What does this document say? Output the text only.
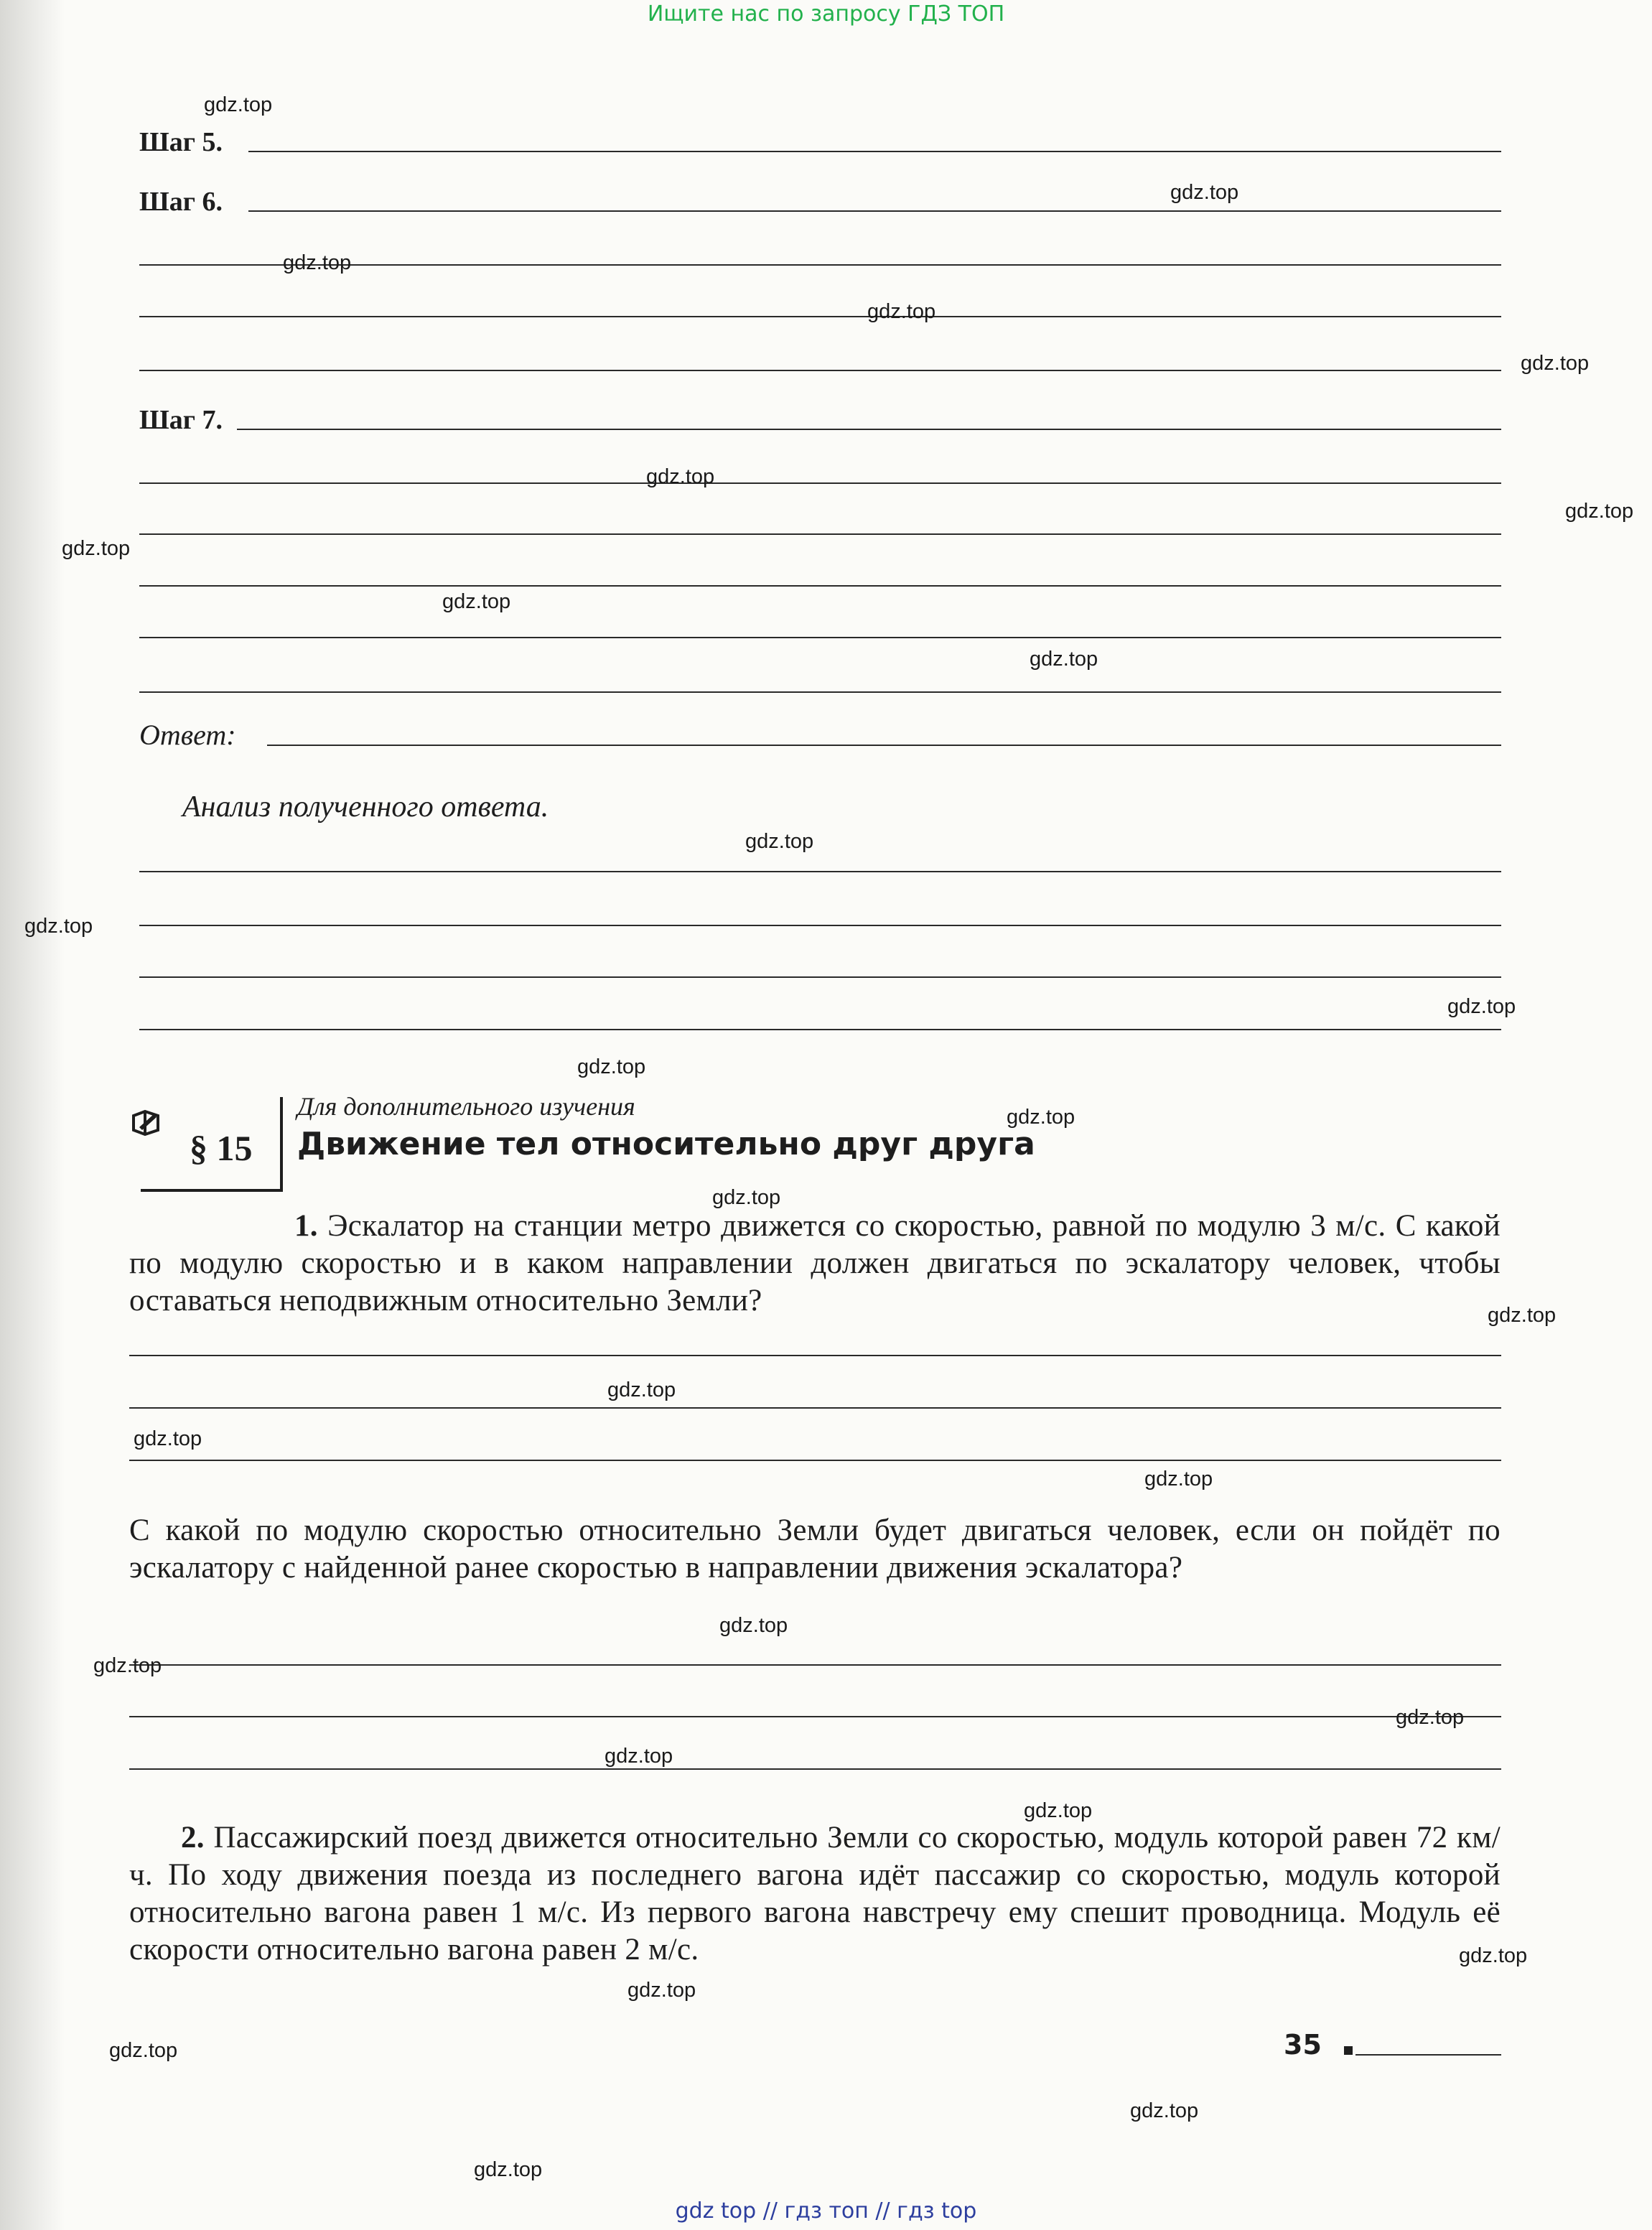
Ищите нас по запросу ГДЗ ТОП
Шаг 5.
Шаг 6.
Шаг 7.
Ответ:
Анализ полученного ответа.
§ 15
Для дополнительного изучения
Движение тел относительно друг друга
1. Эскалатор на станции метро движется со скоростью, равной по модулю 3 м/с. С какой по модулю скоростью и в каком направлении должен двигаться по эскалатору человек, чтобы оставаться неподвижным относительно Земли?
С какой по модулю скоростью относительно Земли будет двигаться человек, если он пойдёт по эскалатору с найденной ранее скоростью в направлении движения эскалатора?
2. Пассажирский поезд движется относительно Земли со скоростью, модуль которой равен 72 км/ч. По ходу движения поезда из последнего вагона идёт пассажир со скоростью, модуль которой относительно вагона равен 1 м/с. Из первого вагона навстречу ему спешит проводница. Модуль её скорости относительно вагона равен 2 м/с.
35
gdz.top
gdz.top
gdz.top
gdz.top
gdz.top
gdz.top
gdz.top
gdz.top
gdz.top
gdz.top
gdz.top
gdz.top
gdz.top
gdz.top
gdz.top
gdz.top
gdz.top
gdz.top
gdz.top
gdz.top
gdz.top
gdz.top
gdz.top
gdz.top
gdz.top
gdz.top
gdz.top
gdz.top
gdz.top
gdz.top
gdz top // гдз топ // гдз top
